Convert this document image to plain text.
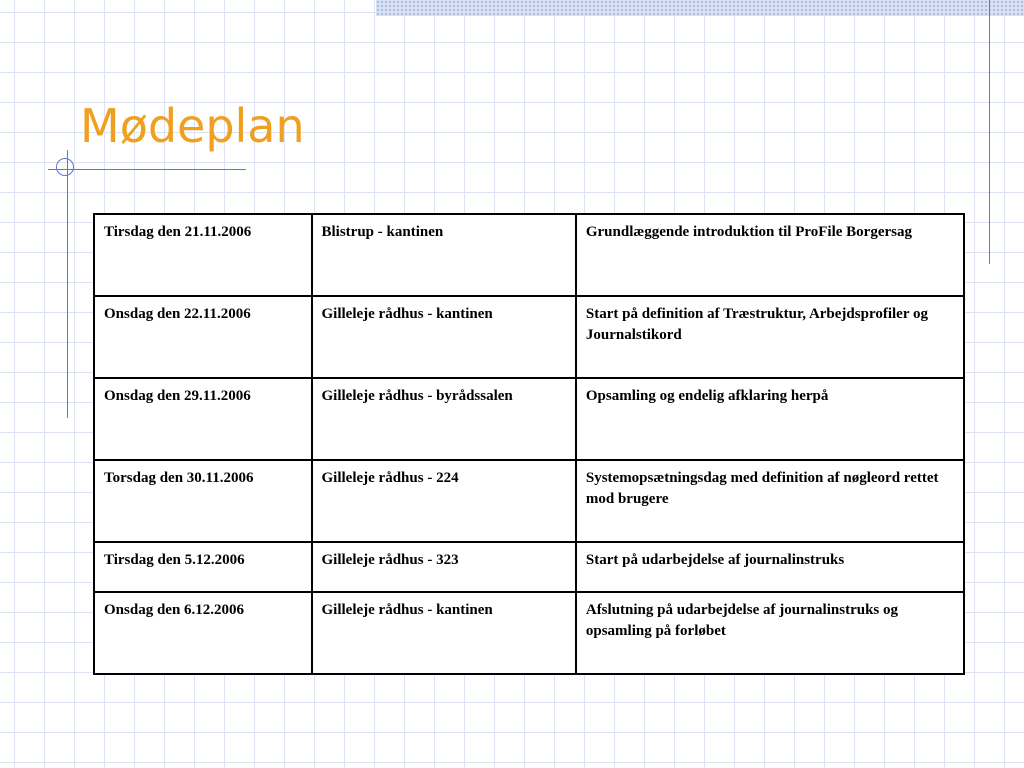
Mødeplan
Tirsdag den 21.11.2006	Blistrup - kantinen	Grundlæggende introduktion til ProFile Borgersag
Onsdag den 22.11.2006	Gilleleje rådhus - kantinen	Start på definition af Træstruktur, Arbejdsprofiler og Journalstikord
Onsdag den 29.11.2006	Gilleleje rådhus - byrådssalen	Opsamling og endelig afklaring herpå
Torsdag den 30.11.2006	Gilleleje rådhus - 224	Systemopsætningsdag med definition af nøgleord rettet mod brugere
Tirsdag den 5.12.2006	Gilleleje rådhus - 323	Start på udarbejdelse af journalinstruks
Onsdag den 6.12.2006	Gilleleje rådhus - kantinen	Afslutning på udarbejdelse af journalinstruks og opsamling på forløbet
